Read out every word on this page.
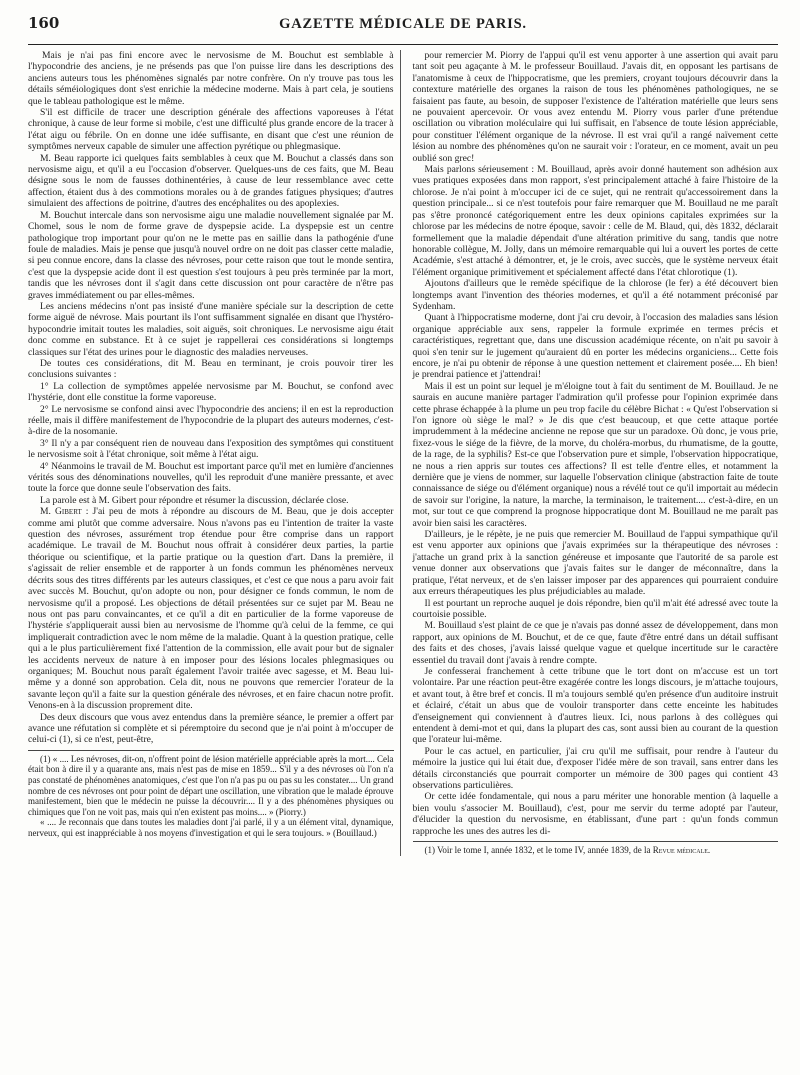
160	GAZETTE MÉDICALE DE PARIS.

Mais je n'ai pas fini encore avec le nervosisme de M. Bouchut est semblable à l'hypocondrie des anciens, je ne présends pas que l'on puisse lire dans les descriptions des anciens auteurs tous les phénomènes signalés par notre confrère. On n'y trouve pas tous les détails séméiologiques dont s'est enrichie la médecine moderne. Mais à part cela, je soutiens que le tableau pathologique est le même.

S'il est difficile de tracer une description générale des affections vaporeuses à l'état chronique, à cause de leur forme si mobile, c'est une difficulté plus grande encore de la tracer à l'état aigu ou fébrile. On en donne une idée suffisante, en disant que c'est une réunion de symptômes nerveux capable de simuler une affection pyrétique ou phlegmasique.

M. Beau rapporte ici quelques faits semblables à ceux que M. Bouchut a classés dans son nervosisme aigu, et qu'il a eu l'occasion d'observer. Quelques-uns de ces faits, que M. Beau désigne sous le nom de fausses dothinentéries, à cause de leur ressemblance avec cette affection, étaient dus à des commotions morales ou à de grandes fatigues physiques; d'autres simulaient des affections de poitrine, d'autres des encéphalites ou des apoplexies.

M. Bouchut intercale dans son nervosisme aigu une maladie nouvellement signalée par M. Chomel, sous le nom de forme grave de dyspepsie acide. La dyspepsie est un centre pathologique trop important pour qu'on ne le mette pas en saillie dans la pathogénie d'une foule de maladies. Mais je pense que jusqu'à nouvel ordre on ne doit pas classer cette maladie, si peu connue encore, dans la classe des névroses, pour cette raison que tout le monde sentira, c'est que la dyspepsie acide dont il est question s'est toujours à peu près terminée par la mort, tandis que les névroses dont il s'agit dans cette discussion ont pour caractère de n'être pas graves immédiatement ou par elles-mêmes.

Les anciens médecins n'ont pas insisté d'une manière spéciale sur la description de cette forme aiguë de névrose. Mais pourtant ils l'ont suffisamment signalée en disant que l'hystéro-hypocondrie imitait toutes les maladies, soit aiguës, soit chroniques. Le nervosisme aigu était donc comme en substance. Et à ce sujet je rappellerai ces considérations si longtemps classiques sur l'état des urines pour le diagnostic des maladies nerveuses.

De toutes ces considérations, dit M. Beau en terminant, je crois pouvoir tirer les conclusions suivantes :

1° La collection de symptômes appelée nervosisme par M. Bouchut, se confond avec l'hystérie, dont elle constitue la forme vaporeuse.

2° Le nervosisme se confond ainsi avec l'hypocondrie des anciens; il en est la reproduction réelle, mais il diffère manifestement de l'hypocondrie de la plupart des auteurs modernes, c'est-à-dire de la nosomanie.

3° Il n'y a par conséquent rien de nouveau dans l'exposition des symptômes qui constituent le nervosisme soit à l'état chronique, soit même à l'état aigu.

4° Néanmoins le travail de M. Bouchut est important parce qu'il met en lumière d'anciennes vérités sous des dénominations nouvelles, qu'il les reproduit d'une manière pressante, et avec toute la force que donne seule l'observation des faits.

La parole est à M. Gibert pour répondre et résumer la discussion, déclarée close.

M. Gibert : J'ai peu de mots à répondre au discours de M. Beau, que je dois accepter comme ami plutôt que comme adversaire. Nous n'avons pas eu l'intention de traiter la vaste question des névroses, assurément trop étendue pour être comprise dans un rapport académique. Le travail de M. Bouchut nous offrait à considérer deux parties, la partie théorique ou scientifique, et la partie pratique ou la question d'art. Dans la première, il s'agissait de relier ensemble et de rapporter à un fonds commun les phénomènes nerveux décrits sous des titres différents par les auteurs classiques, et c'est ce que nous a paru avoir fait avec succès M. Bouchut, qu'on adopte ou non, pour désigner ce fonds commun, le nom de nervosisme qu'il a proposé. Les objections de détail présentées sur ce sujet par M. Beau ne nous ont pas paru convaincantes, et ce qu'il a dit en particulier de la forme vaporeuse de l'hystérie s'appliquerait aussi bien au nervosisme de l'homme qu'à celui de la femme, ce qui impliquerait contradiction avec le nom même de la maladie. Quant à la question pratique, celle qui a le plus particulièrement fixé l'attention de la commission, elle avait pour but de signaler les accidents nerveux de nature à en imposer pour des lésions locales phlegmasiques ou organiques; M. Bouchut nous paraît également l'avoir traitée avec sagesse, et M. Beau lui-même y a donné son approbation. Cela dit, nous ne pouvons que remercier l'orateur de la savante leçon qu'il a faite sur la question générale des névroses, et en faire chacun notre profit. Venons-en à la discussion proprement dite.

Des deux discours que vous avez entendus dans la première séance, le premier a offert par avance une réfutation si complète et si péremptoire du second que je n'ai point à m'occuper de celui-ci (1), si ce n'est, peut-être,

(1) « .... Les névroses, dit-on, n'offrent point de lésion matérielle appréciable après la mort.... Cela était bon à dire il y a quarante ans, mais n'est pas de mise en 1859... S'il y a des névroses où l'on n'a pas constaté de phénomènes anatomiques, c'est que l'on n'a pas pu ou pas su les constater.... Un grand nombre de ces névroses ont pour point de départ une oscillation, une vibration que le malade éprouve manifestement, bien que le médecin ne puisse la découvrir.... Il y a des phénomènes physiques ou chimiques que l'on ne voit pas, mais qui n'en existent pas moins.... » (Piorry.)

« .... Je reconnais que dans toutes les maladies dont j'ai parlé, il y a un élément vital, dynamique, nerveux, qui est inappréciable à nos moyens d'investigation et qui le sera toujours. » (Bouillaud.)

pour remercier M. Piorry de l'appui qu'il est venu apporter à une assertion qui avait paru tant soit peu agaçante à M. le professeur Bouillaud. J'avais dit, en opposant les partisans de l'anatomisme à ceux de l'hippocratisme, que les premiers, croyant toujours découvrir dans la contexture matérielle des organes la raison de tous les phénomènes pathologiques, ne se faisaient pas faute, au besoin, de supposer l'existence de l'altération matérielle que leurs sens ne pouvaient apercevoir. Or vous avez entendu M. Piorry vous parler d'une prétendue oscillation ou vibration moléculaire qui lui suffisait, en l'absence de toute lésion appréciable, pour constituer l'élément organique de la névrose. Il est vrai qu'il a rangé naïvement cette lésion au nombre des phénomènes qu'on ne saurait voir : l'orateur, en ce moment, avait un peu oublié son grec!

Mais parlons sérieusement : M. Bouillaud, après avoir donné hautement son adhésion aux vues pratiques exposées dans mon rapport, s'est principalement attaché à faire l'histoire de la chlorose. Je n'ai point à m'occuper ici de ce sujet, qui ne rentrait qu'accessoirement dans la question principale... si ce n'est toutefois pour faire remarquer que M. Bouillaud ne me paraît pas s'être prononcé catégoriquement entre les deux opinions capitales exprimées sur la chlorose par les médecins de notre époque, savoir : celle de M. Blaud, qui, dès 1832, déclarait formellement que la maladie dépendait d'une altération primitive du sang, tandis que notre honorable collègue, M. Jolly, dans un mémoire remarquable qui lui a ouvert les portes de cette Académie, s'est attaché à démontrer, et, je le crois, avec succès, que le système nerveux était l'élément organique primitivement et spécialement affecté dans l'état chlorotique (1).

Ajoutons d'ailleurs que le remède spécifique de la chlorose (le fer) a été découvert bien longtemps avant l'invention des théories modernes, et qu'il a été notamment préconisé par Sydenham.

Quant à l'hippocratisme moderne, dont j'ai cru devoir, à l'occasion des maladies sans lésion organique appréciable aux sens, rappeler la formule exprimée en termes précis et caractéristiques, regrettant que, dans une discussion académique récente, on n'ait pu savoir à quoi s'en tenir sur le jugement qu'auraient dû en porter les médecins organiciens... Cette fois encore, je n'ai pu obtenir de réponse à une question nettement et clairement posée.... Eh bien! je prendrai patience et j'attendrai!

Mais il est un point sur lequel je m'éloigne tout à fait du sentiment de M. Bouillaud. Je ne saurais en aucune manière partager l'admiration qu'il professe pour l'opinion exprimée dans cette phrase échappée à la plume un peu trop facile du célèbre Bichat : « Qu'est l'observation si l'on ignore où siège le mal? » Je dis que c'est beaucoup, et que cette attaque portée imprudemment à la médecine ancienne ne repose que sur un paradoxe. Où donc, je vous prie, fixez-vous le siége de la fièvre, de la morve, du choléra-morbus, du rhumatisme, de la goutte, de la rage, de la syphilis? Est-ce que l'observation pure et simple, l'observation hippocratique, ne nous a rien appris sur toutes ces affections? Il est telle d'entre elles, et notamment la dernière que je viens de nommer, sur laquelle l'observation clinique (abstraction faite de toute connaissance de siége ou d'élément organique) nous a révélé tout ce qu'il importait au médecin de savoir sur l'origine, la nature, la marche, la terminaison, le traitement.... c'est-à-dire, en un mot, sur tout ce que comprend la prognose hippocratique dont M. Bouillaud ne me paraît pas avoir bien saisi les caractères.

D'ailleurs, je le répète, je ne puis que remercier M. Bouillaud de l'appui sympathique qu'il est venu apporter aux opinions que j'avais exprimées sur la thérapeutique des névroses : j'attache un grand prix à la sanction généreuse et imposante que l'autorité de sa parole est venue donner aux observations que j'avais faites sur le danger de méconnaître, dans la pratique, l'état nerveux, et de s'en laisser imposer par des apparences qui pourraient conduire aux erreurs thérapeutiques les plus préjudiciables au malade.

Il est pourtant un reproche auquel je dois répondre, bien qu'il m'ait été adressé avec toute la courtoisie possible.

M. Bouillaud s'est plaint de ce que je n'avais pas donné assez de développement, dans mon rapport, aux opinions de M. Bouchut, et de ce que, faute d'être entré dans un détail suffisant des faits et des choses, j'avais laissé quelque vague et quelque incertitude sur le caractère essentiel du travail dont j'avais à rendre compte.

Je confesserai franchement à cette tribune que le tort dont on m'accuse est un tort volontaire. Par une réaction peut-être exagérée contre les longs discours, je m'attache toujours, et avant tout, à être bref et concis. Il m'a toujours semblé qu'en présence d'un auditoire instruit et éclairé, c'était un abus que de vouloir transporter dans cette enceinte les habitudes d'enseignement qui conviennent à d'autres lieux. Ici, nous parlons à des collègues qui entendent à demi-mot et qui, dans la plupart des cas, sont aussi bien au courant de la question que l'orateur lui-même.

Pour le cas actuel, en particulier, j'ai cru qu'il me suffisait, pour rendre à l'auteur du mémoire la justice qui lui était due, d'exposer l'idée mère de son travail, sans entrer dans les détails circonstanciés que pourrait comporter un mémoire de 300 pages qui contient 43 observations particulières.

Or cette idée fondamentale, qui nous a paru mériter une honorable mention (à laquelle a bien voulu s'associer M. Bouillaud), c'est, pour me servir du terme adopté par l'auteur, d'élucider la question du nervosisme, en établissant, d'une part : qu'un fonds commun rapproche les unes des autres les di-

(1) Voir le tome I, année 1832, et le tome IV, année 1839, de la Revue médicale.
